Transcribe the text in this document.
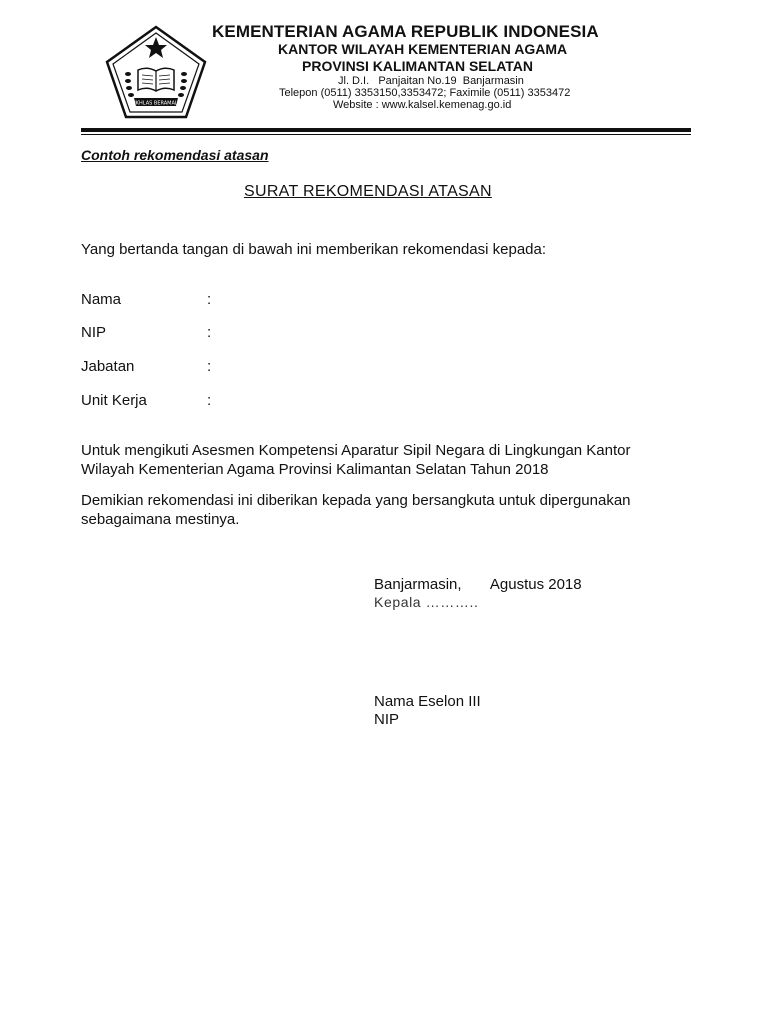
IKHLAS BERAMAL
KEMENTERIAN AGAMA REPUBLIK INDONESIA
KANTOR WILAYAH KEMENTERIAN AGAMA
PROVINSI KALIMANTAN SELATAN
Jl. D.I.   Panjaitan No.19  Banjarmasin
Telepon (0511) 3353150,3353472; Faximile (0511) 3353472
Website : www.kalsel.kemenag.go.id
Contoh rekomendasi atasan
SURAT REKOMENDASI ATASAN
Yang bertanda tangan di bawah ini memberikan rekomendasi kepada:
Nama	:
NIP	:
Jabatan	:
Unit Kerja	:
Untuk mengikuti Asesmen Kompetensi Aparatur Sipil Negara di Lingkungan Kantor Wilayah Kementerian Agama Provinsi Kalimantan Selatan Tahun 2018
Demikian rekomendasi ini diberikan kepada yang bersangkuta untuk dipergunakan sebagaimana mestinya.
Banjarmasin,       Agustus 2018
Kepala ………..
Nama Eselon III
NIP
